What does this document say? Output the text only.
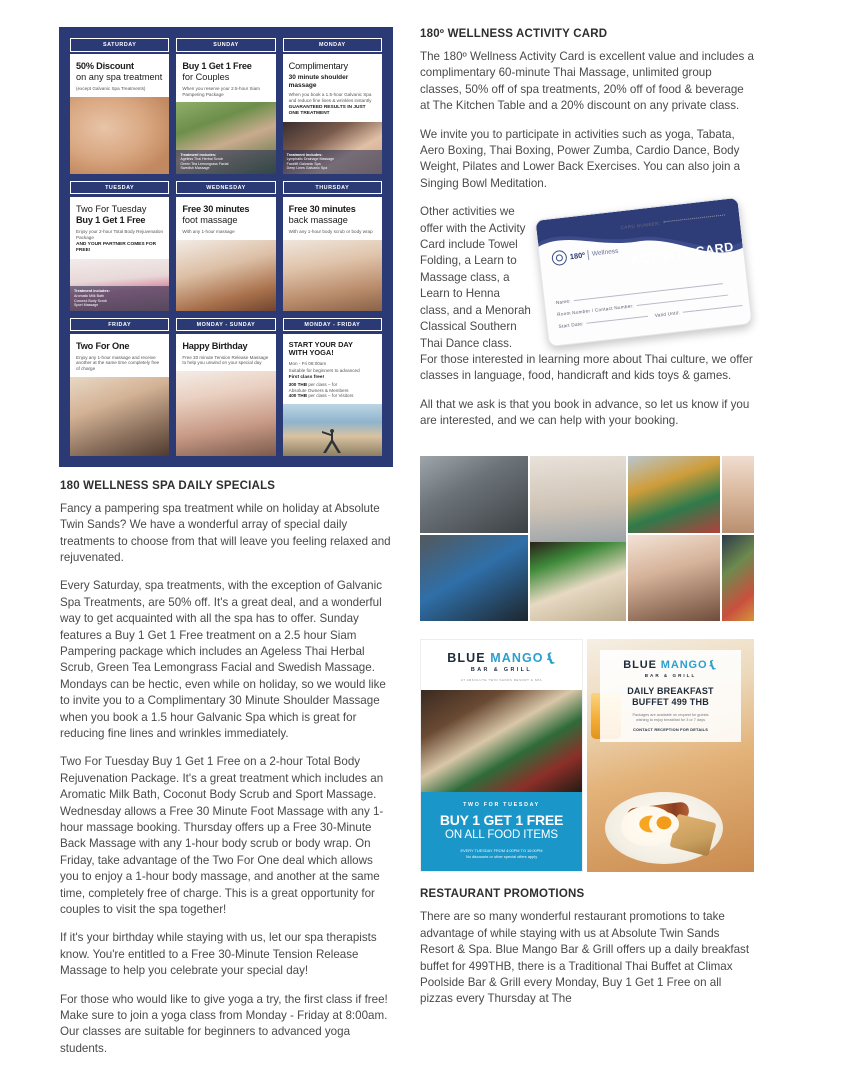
SATURDAY
50% Discount
on any spa treatment
(except Galvanic Spa Treatments)
SUNDAY
Buy 1 Get 1 Free
for Couples
When you reserve your 2.5-hour Siam Pampering Package
Treatment includes:
Ageless Thai Herbal Scrub
Green Tea Lemongrass Facial
Swedish Massage
MONDAY
Complimentary
30 minute shoulder massage
When you book a 1.5-hour Galvanic Spa and reduce fine lines & wrinkles instantly
GUARANTEED RESULTS IN JUST ONE TREATMENT
Treatment includes:
Lymphatic Drainage Massage
Facelift Galvanic Spa
Deep Lines Galvanic Spa
TUESDAY
Two For Tuesday
Buy 1 Get 1 Free
Enjoy your 2-hour Total Body Rejuvenation Package
AND YOUR PARTNER COMES FOR FREE!
Treatment includes:
Aromatic Milk Bath
Coconut Body Scrub
Sport Massage
WEDNESDAY
Free 30 minutes
foot massage
With any 1-hour massage
THURSDAY
Free 30 minutes
back massage
With any 1-hour body scrub or body wrap
FRIDAY
Two For One
Enjoy any 1-hour massage and receive another at the same time completely free of charge
MONDAY - SUNDAY
Happy Birthday
Free 30 minute Tension Release Massage to help you unwind on your special day
MONDAY - FRIDAY
START YOUR DAY
WITH YOGA!
Mon - Fri 08:00am
Suitable for beginners to advanced
First class free!
300 THB per class – for
Absolute Owners & Members
400 THB per class – for Visitors
180 WELLNESS SPA DAILY SPECIALS

Fancy a pampering spa treatment while on holiday at Absolute Twin Sands? We have a wonderful array of special daily treatments to choose from that will leave you feeling relaxed and rejuvenated.

Every Saturday, spa treatments, with the exception of Galvanic Spa Treatments, are 50% off. It's a great deal, and a wonderful way to get acquainted with all the spa has to offer. Sunday features a Buy 1 Get 1 Free treatment on a 2.5 hour Siam Pampering package which includes an Ageless Thai Herbal Scrub, Green Tea Lemongrass Facial and Swedish Massage. Mondays can be hectic, even while on holiday, so we would like to invite you to a Complimentary 30 Minute Shoulder Massage when you book a 1.5 hour Galvanic Spa which is great for reducing fine lines and wrinkles immediately.

Two For Tuesday Buy 1 Get 1 Free on a 2-hour Total Body Rejuvenation Package. It's a great treatment which includes an Aromatic Milk Bath, Coconut Body Scrub and Sport Massage. Wednesday allows a Free 30 Minute Foot Massage with any 1-hour massage booking. Thursday offers up a Free 30-Minute Back Massage with any 1-hour body scrub or body wrap. On Friday, take advantage of the Two For One deal which allows you to enjoy a 1-hour body massage, and another at the same time, completely free of charge. This is a great opportunity for couples to visit the spa together!

If it's your birthday while staying with us, let our spa therapists know. You're entitled to a Free 30-Minute Tension Release Massage to help you celebrate your special day!

For those who would like to give yoga a try, the first class if free! Make sure to join a yoga class from Monday - Friday at 8:00am. Our classes are suitable for beginners to advanced yoga students.

180º WELLNESS ACTIVITY CARD

The 180º Wellness Activity Card is excellent value and includes a complimentary 60-minute Thai Massage, unlimited group classes, 50% off of spa treatments, 20% off of food & beverage at The Kitchen Table and a 20% discount on any private class.

We invite you to participate in activities such as yoga, Tabata, Aero Boxing, Thai Boxing, Power Zumba, Cardio Dance, Body Weight, Pilates and Lower Back Exercises. You can also join a Singing Bowl Meditation.

CARD NUMBER:
ACTIVITY CARD
180º Wellness
Name:
Room Number / Contact Number:
Start Date: Valid Until:

Other activities we offer with the Activity Card include Towel Folding, a Learn to Massage class, a Learn to Henna class, and a Menorah Classical Southern Thai Dance class. For those interested in learning more about Thai culture, we offer classes in language, food, handicraft and kids toys & games.

All that we ask is that you book in advance, so let us know if you are interested, and we can help with your booking.

BLUE MANGO❴
BAR & GRILL
AT ABSOLUTE TWIN SANDS RESORT & SPA
TWO FOR TUESDAY
BUY 1 GET 1 FREE
ON ALL FOOD ITEMS
EVERY TUESDAY FROM 4:00PM TO 10:00PM
No discounts or other special offers apply
BLUE MANGO❴
BAR & GRILL
DAILY BREAKFAST
BUFFET 499 THB
Packages are available on request for guests
wishing to enjoy breakfast for 3 or 7 days
CONTACT RECEPTION FOR DETAILS
RESTAURANT PROMOTIONS

There are so many wonderful restaurant promotions to take advantage of while staying with us at Absolute Twin Sands Resort & Spa. Blue Mango Bar & Grill offers up a daily breakfast buffet for 499THB, there is a Traditional Thai Buffet at Climax Poolside Bar & Grill every Monday, Buy 1 Get 1 Free on all pizzas every Thursday at The
